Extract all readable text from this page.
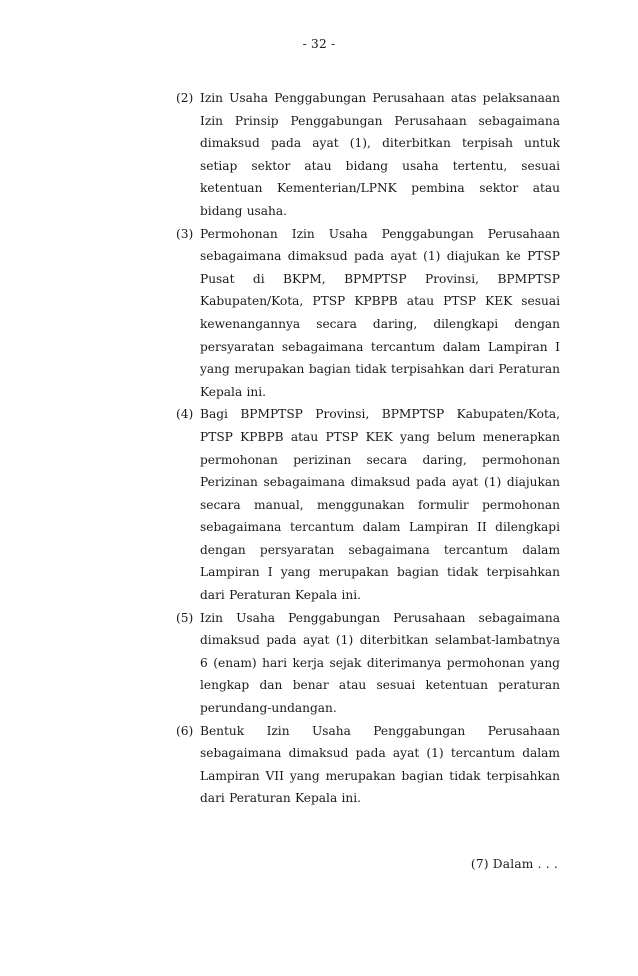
- 32 -
(2) Izin Usaha Penggabungan Perusahaan atas pelaksanaan Izin Prinsip Penggabungan Perusahaan sebagaimana dimaksud pada ayat (1), diterbitkan terpisah untuk setiap sektor atau bidang usaha tertentu, sesuai ketentuan Kementerian/LPNK pembina sektor atau bidang usaha.
(3) Permohonan Izin Usaha Penggabungan Perusahaan sebagaimana dimaksud pada ayat (1) diajukan ke PTSP Pusat di BKPM, BPMPTSP Provinsi, BPMPTSP Kabupaten/Kota, PTSP KPBPB atau PTSP KEK sesuai kewenangannya secara daring, dilengkapi dengan persyaratan sebagaimana tercantum dalam Lampiran I yang merupakan bagian tidak terpisahkan dari Peraturan Kepala ini.
(4) Bagi BPMPTSP Provinsi, BPMPTSP Kabupaten/Kota, PTSP KPBPB atau PTSP KEK yang belum menerapkan permohonan perizinan secara daring, permohonan Perizinan sebagaimana dimaksud pada ayat (1) diajukan secara manual, menggunakan formulir permohonan sebagaimana tercantum dalam Lampiran II dilengkapi dengan persyaratan sebagaimana tercantum dalam Lampiran I yang merupakan bagian tidak terpisahkan dari Peraturan Kepala ini.
(5) Izin Usaha Penggabungan Perusahaan sebagaimana dimaksud pada ayat (1) diterbitkan selambat-lambatnya 6 (enam) hari kerja sejak diterimanya permohonan yang lengkap dan benar atau sesuai ketentuan peraturan perundang-undangan.
(6) Bentuk Izin Usaha Penggabungan Perusahaan sebagaimana dimaksud pada ayat (1) tercantum dalam Lampiran VII yang merupakan bagian tidak terpisahkan dari Peraturan Kepala ini.
(7) Dalam . . .
